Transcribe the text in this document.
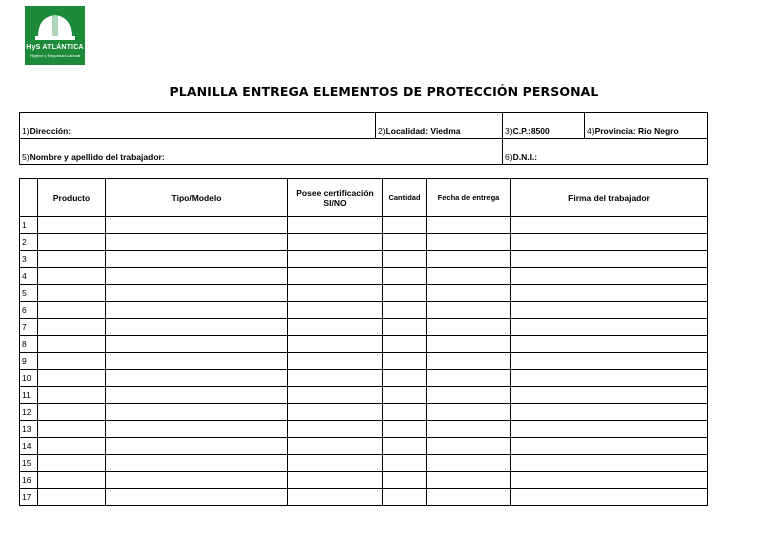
HyS ATLÁNTICA
Higiene y Seguridad Laboral
PLANILLA ENTREGA ELEMENTOS DE PROTECCIÓN PERSONAL
1)Dirección:	2)Localidad: Viedma	3)C.P.:8500	4)Provincia: Rio Negro
5)Nombre y apellido del trabajador:		6)D.N.I.:	
	Producto	Tipo/Modelo	Posee certificación SI/NO	Cantidad	Fecha de entrega	Firma del trabajador
1						
2						
3						
4						
5						
6						
7						
8						
9						
10						
11						
12						
13						
14						
15						
16						
17						
